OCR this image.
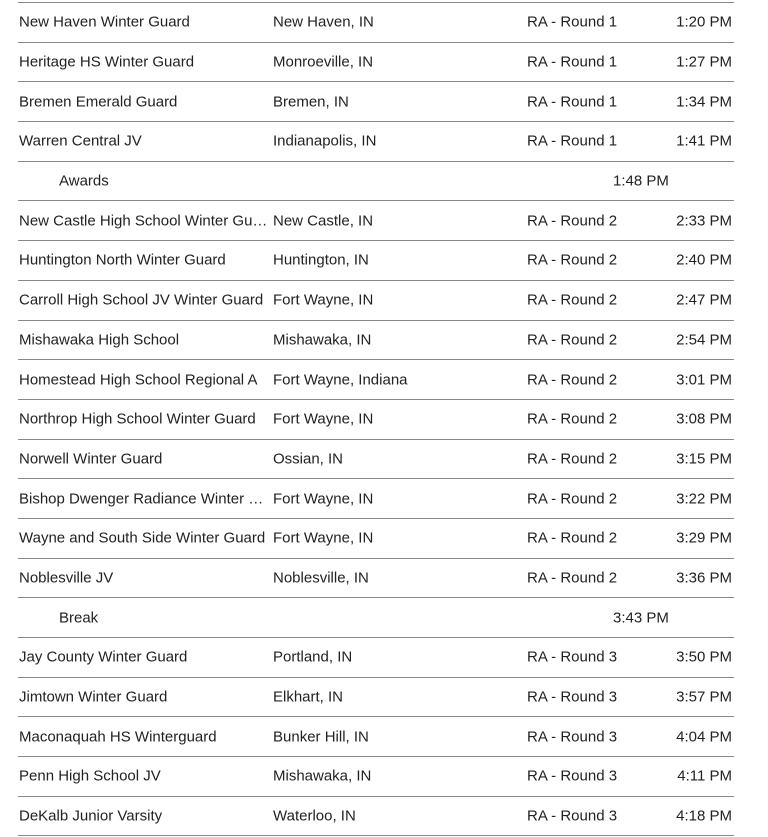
New Haven Winter Guard	New Haven, IN	RA - Round 1	1:20 PM
Heritage HS Winter Guard	Monroeville, IN	RA - Round 1	1:27 PM
Bremen Emerald Guard	Bremen, IN	RA - Round 1	1:34 PM
Warren Central JV	Indianapolis, IN	RA - Round 1	1:41 PM
Awards	1:48 PM
New Castle High School Winter Gu… New Castle, IN	RA - Round 2	2:33 PM
Huntington North Winter Guard	Huntington, IN	RA - Round 2	2:40 PM
Carroll High School JV Winter Guard Fort Wayne, IN	RA - Round 2	2:47 PM
Mishawaka High School	Mishawaka, IN	RA - Round 2	2:54 PM
Homestead High School Regional A	Fort Wayne, Indiana	RA - Round 2	3:01 PM
Northrop High School Winter Guard	Fort Wayne, IN	RA - Round 2	3:08 PM
Norwell Winter Guard	Ossian, IN	RA - Round 2	3:15 PM
Bishop Dwenger Radiance Winter … Fort Wayne, IN	RA - Round 2	3:22 PM
Wayne and South Side Winter Guard Fort Wayne, IN	RA - Round 2	3:29 PM
Noblesville JV	Noblesville, IN	RA - Round 2	3:36 PM
Break	3:43 PM
Jay County Winter Guard	Portland, IN	RA - Round 3	3:50 PM
Jimtown Winter Guard	Elkhart, IN	RA - Round 3	3:57 PM
Maconaquah HS Winterguard	Bunker Hill, IN	RA - Round 3	4:04 PM
Penn High School JV	Mishawaka, IN	RA - Round 3	4:11 PM
DeKalb Junior Varsity	Waterloo, IN	RA - Round 3	4:18 PM
